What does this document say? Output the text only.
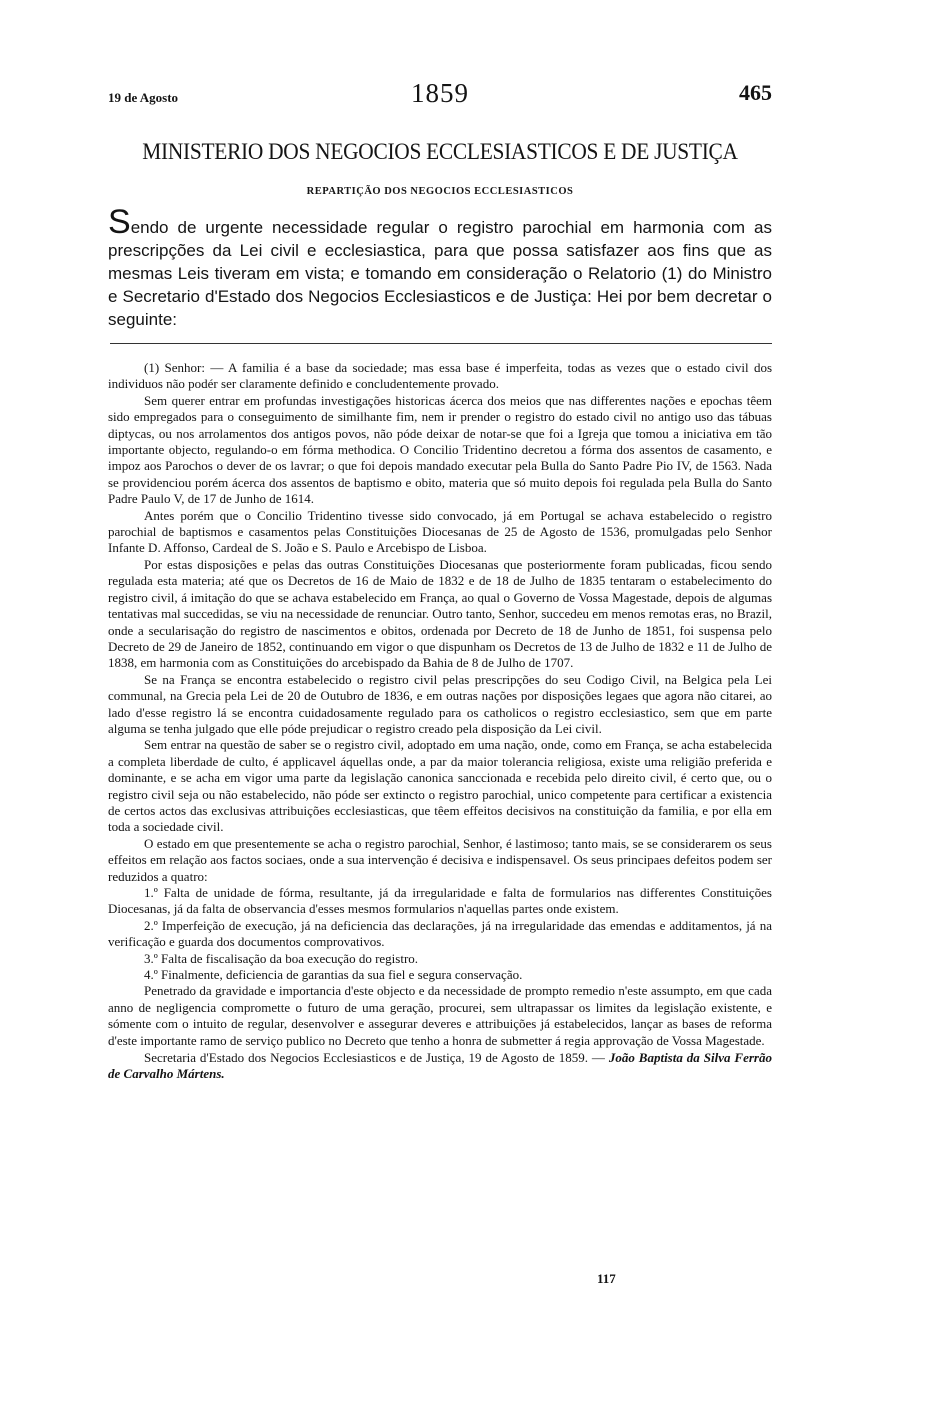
19 de Agosto	1859	465
MINISTERIO DOS NEGOCIOS ECCLESIASTICOS E DE JUSTIÇA
REPARTIÇÃO DOS NEGOCIOS ECCLESIASTICOS
Sendo de urgente necessidade regular o registro parochial em harmonia com as prescripções da Lei civil e ecclesiastica, para que possa satisfazer aos fins que as mesmas Leis tiveram em vista; e tomando em consideração o Relatorio (1) do Ministro e Secretario d'Estado dos Negocios Ecclesiasticos e de Justiça: Hei por bem decretar o seguinte:

(1) Senhor: — A familia é a base da sociedade; mas essa base é imperfeita, todas as vezes que o estado civil dos individuos não podér ser claramente definido e concludentemente provado.

Sem querer entrar em profundas investigações historicas ácerca dos meios que nas differentes nações e epochas têem sido empregados para o conseguimento de similhante fim, nem ir prender o registro do estado civil no antigo uso das tábuas diptycas, ou nos arrolamentos dos antigos povos, não póde deixar de notar-se que foi a Igreja que tomou a iniciativa em tão importante objecto, regulando-o em fórma methodica. O Concilio Tridentino decretou a fórma dos assentos de casamento, e impoz aos Parochos o dever de os lavrar; o que foi depois mandado executar pela Bulla do Santo Padre Pio IV, de 1563. Nada se providenciou porém ácerca dos assentos de baptismo e obito, materia que só muito depois foi regulada pela Bulla do Santo Padre Paulo V, de 17 de Junho de 1614.

Antes porém que o Concilio Tridentino tivesse sido convocado, já em Portugal se achava estabelecido o registro parochial de baptismos e casamentos pelas Constituições Diocesanas de 25 de Agosto de 1536, promulgadas pelo Senhor Infante D. Affonso, Cardeal de S. João e S. Paulo e Arcebispo de Lisboa.

Por estas disposições e pelas das outras Constituições Diocesanas que posteriormente foram publicadas, ficou sendo regulada esta materia; até que os Decretos de 16 de Maio de 1832 e de 18 de Julho de 1835 tentaram o estabelecimento do registro civil, á imitação do que se achava estabelecido em França, ao qual o Governo de Vossa Magestade, depois de algumas tentativas mal succedidas, se viu na necessidade de renunciar. Outro tanto, Senhor, succedeu em menos remotas eras, no Brazil, onde a secularisação do registro de nascimentos e obitos, ordenada por Decreto de 18 de Junho de 1851, foi suspensa pelo Decreto de 29 de Janeiro de 1852, continuando em vigor o que dispunham os Decretos de 13 de Julho de 1832 e 11 de Julho de 1838, em harmonia com as Constituições do arcebispado da Bahia de 8 de Julho de 1707.

Se na França se encontra estabelecido o registro civil pelas prescripções do seu Codigo Civil, na Belgica pela Lei communal, na Grecia pela Lei de 20 de Outubro de 1836, e em outras nações por disposições legaes que agora não citarei, ao lado d'esse registro lá se encontra cuidadosamente regulado para os catholicos o registro ecclesiastico, sem que em parte alguma se tenha julgado que elle póde prejudicar o registro creado pela disposição da Lei civil.

Sem entrar na questão de saber se o registro civil, adoptado em uma nação, onde, como em França, se acha estabelecida a completa liberdade de culto, é applicavel áquellas onde, a par da maior tolerancia religiosa, existe uma religião preferida e dominante, e se acha em vigor uma parte da legislação canonica sanccionada e recebida pelo direito civil, é certo que, ou o registro civil seja ou não estabelecido, não póde ser extincto o registro parochial, unico competente para certificar a existencia de certos actos das exclusivas attribuições ecclesiasticas, que têem effeitos decisivos na constituição da familia, e por ella em toda a sociedade civil.

O estado em que presentemente se acha o registro parochial, Senhor, é lastimoso; tanto mais, se se considerarem os seus effeitos em relação aos factos sociaes, onde a sua intervenção é decisiva e indispensavel. Os seus principaes defeitos podem ser reduzidos a quatro:

1.º Falta de unidade de fórma, resultante, já da irregularidade e falta de formularios nas differentes Constituições Diocesanas, já da falta de observancia d'esses mesmos formularios n'aquellas partes onde existem.

2.º Imperfeição de execução, já na deficiencia das declarações, já na irregularidade das emendas e additamentos, já na verificação e guarda dos documentos comprovativos.

3.º Falta de fiscalisação da boa execução do registro.

4.º Finalmente, deficiencia de garantias da sua fiel e segura conservação.

Penetrado da gravidade e importancia d'este objecto e da necessidade de prompto remedio n'este assumpto, em que cada anno de negligencia compromette o futuro de uma geração, procurei, sem ultrapassar os limites da legislação existente, e sómente com o intuito de regular, desenvolver e assegurar deveres e attribuições já estabelecidos, lançar as bases de reforma d'este importante ramo de serviço publico no Decreto que tenho a honra de submetter á regia approvação de Vossa Magestade.

Secretaria d'Estado dos Negocios Ecclesiasticos e de Justiça, 19 de Agosto de 1859. — João Baptista da Silva Ferrão de Carvalho Mártens.

117
